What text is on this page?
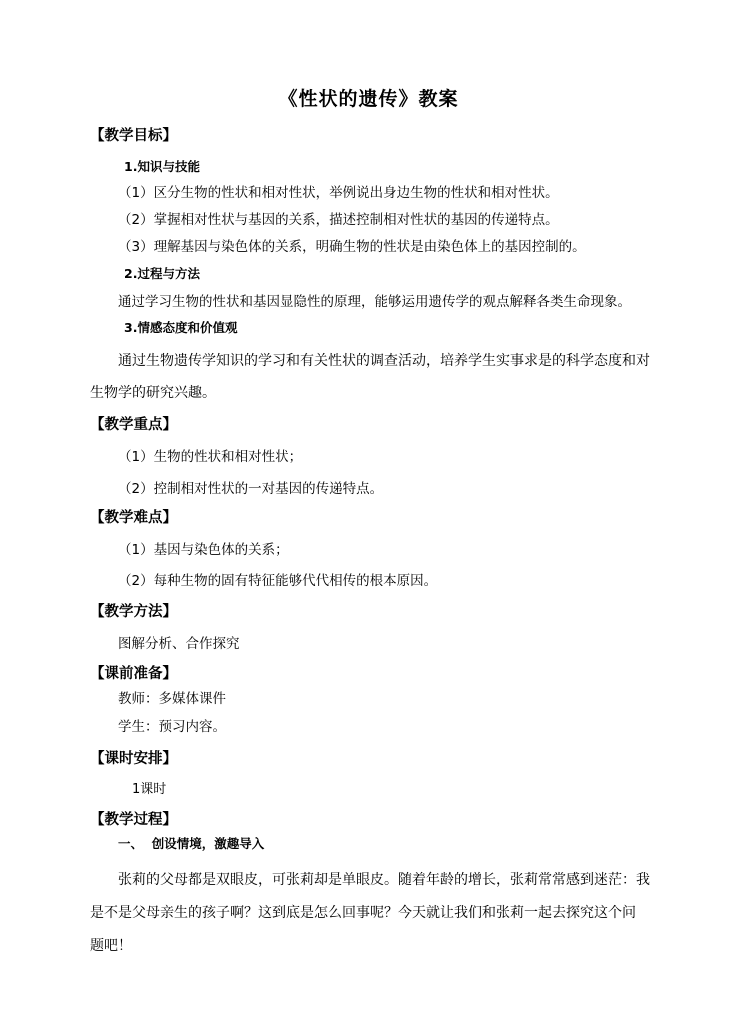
《性状的遗传》教案
【教学目标】
1.知识与技能
（1）区分生物的性状和相对性状，举例说出身边生物的性状和相对性状。
（2）掌握相对性状与基因的关系，描述控制相对性状的基因的传递特点。
（3）理解基因与染色体的关系，明确生物的性状是由染色体上的基因控制的。
2.过程与方法
通过学习生物的性状和基因显隐性的原理，能够运用遗传学的观点解释各类生命现象。
3.情感态度和价值观
通过生物遗传学知识的学习和有关性状的调查活动，培养学生实事求是的科学态度和对
生物学的研究兴趣。
【教学重点】
（1）生物的性状和相对性状；
（2）控制相对性状的一对基因的传递特点。
【教学难点】
（1）基因与染色体的关系；
（2）每种生物的固有特征能够代代相传的根本原因。
【教学方法】
图解分析、合作探究
【课前准备】
教师：多媒体课件
学生：预习内容。
【课时安排】
1课时
【教学过程】
一、  创设情境，激趣导入
张莉的父母都是双眼皮，可张莉却是单眼皮。随着年龄的增长，张莉常常感到迷茫：我
是不是父母亲生的孩子啊？这到底是怎么回事呢？今天就让我们和张莉一起去探究这个问
题吧！
